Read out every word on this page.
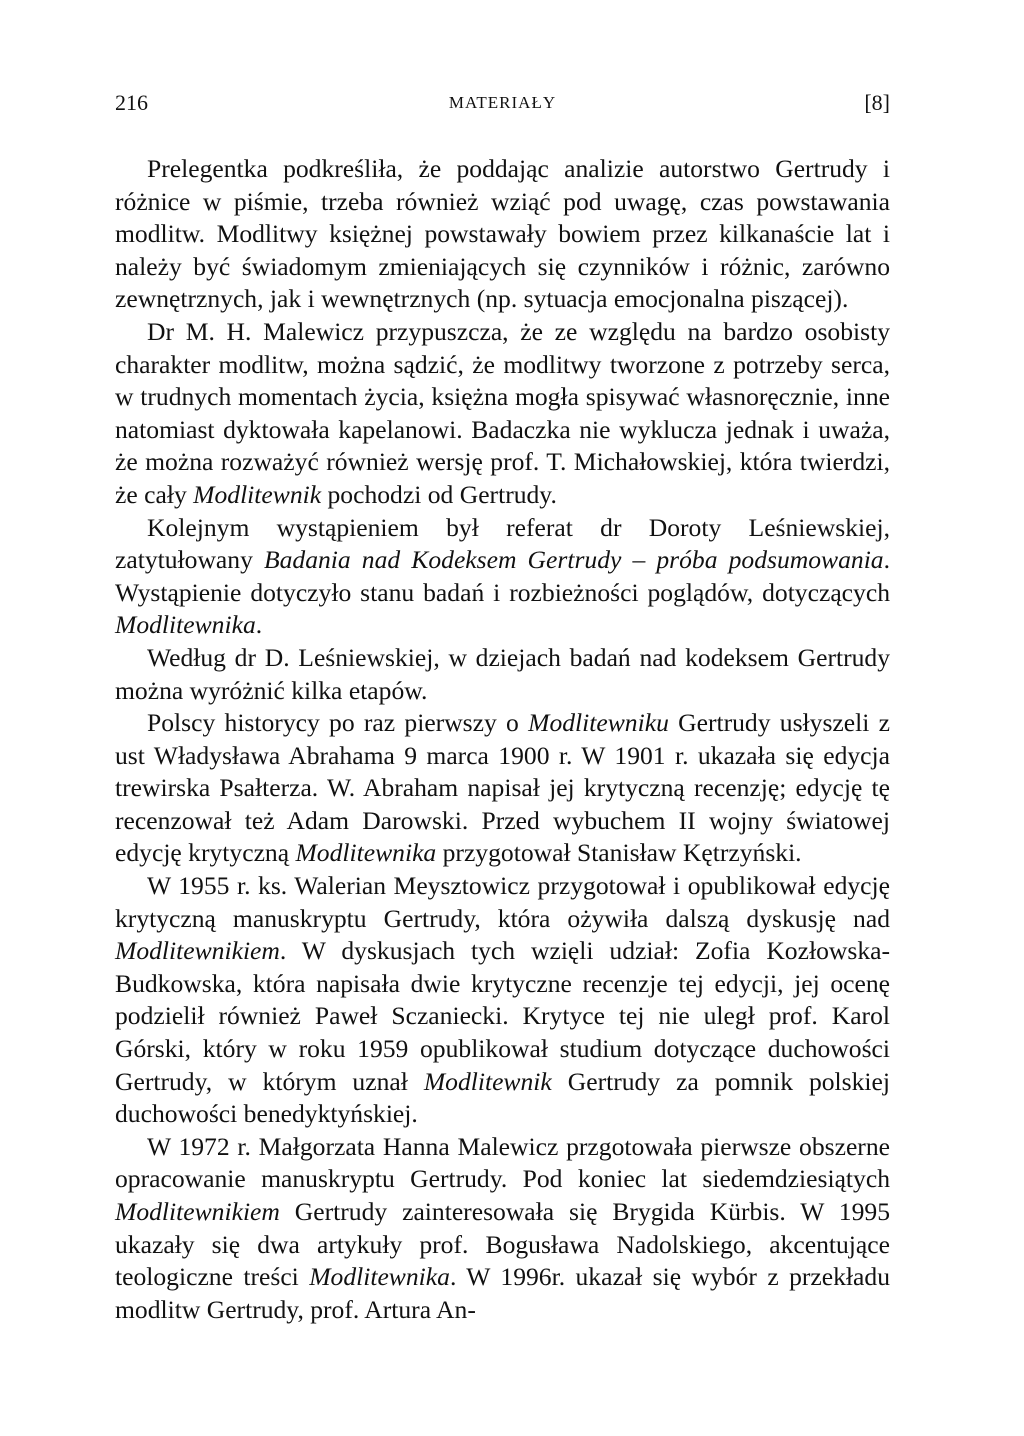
216	MATERIAŁY	[8]

Prelegentka podkreśliła, że poddając analizie autorstwo Gertrudy i różnice w piśmie, trzeba również wziąć pod uwagę, czas powstawania modlitw. Modlitwy księżnej powstawały bowiem przez kilkanaście lat i należy być świadomym zmieniających się czynników i różnic, zarówno zewnętrznych, jak i wewnętrznych (np. sytuacja emocjonalna piszącej).

Dr M. H. Malewicz przypuszcza, że ze względu na bardzo osobisty charakter modlitw, można sądzić, że modlitwy tworzone z potrzeby serca, w trudnych momentach życia, księżna mogła spisywać własnoręcznie, inne natomiast dyktowała kapelanowi. Badaczka nie wyklucza jednak i uważa, że można rozważyć również wersję prof. T. Michałowskiej, która twierdzi, że cały Modlitewnik pochodzi od Gertrudy.

Kolejnym wystąpieniem był referat dr Doroty Leśniewskiej, zatytułowany Badania nad Kodeksem Gertrudy – próba podsumowania. Wystąpienie dotyczyło stanu badań i rozbieżności poglądów, dotyczących Modlitewnika.

Według dr D. Leśniewskiej, w dziejach badań nad kodeksem Gertrudy można wyróżnić kilka etapów.

Polscy historycy po raz pierwszy o Modlitewniku Gertrudy usłyszeli z ust Władysława Abrahama 9 marca 1900 r. W 1901 r. ukazała się edycja trewirska Psałterza. W. Abraham napisał jej krytyczną recenzję; edycję tę recenzował też Adam Darowski. Przed wybuchem II wojny światowej edycję krytyczną Modlitewnika przygotował Stanisław Kętrzyński.

W 1955 r. ks. Walerian Meysztowicz przygotował i opublikował edycję krytyczną manuskryptu Gertrudy, która ożywiła dalszą dyskusję nad Modlitewnikiem. W dyskusjach tych wzięli udział: Zofia Kozłowska-Budkowska, która napisała dwie krytyczne recenzje tej edycji, jej ocenę podzielił również Paweł Sczaniecki. Krytyce tej nie uległ prof. Karol Górski, który w roku 1959 opublikował studium dotyczące duchowości Gertrudy, w którym uznał Modlitewnik Gertrudy za pomnik polskiej duchowości benedyktyńskiej.

W 1972 r. Małgorzata Hanna Malewicz przgotowała pierwsze obszerne opracowanie manuskryptu Gertrudy. Pod koniec lat siedemdziesiątych Modlitewnikiem Gertrudy zainteresowała się Brygida Kürbis. W 1995 ukazały się dwa artykuły prof. Bogusława Nadolskiego, akcentujące teologiczne treści Modlitewnika. W 1996r. ukazał się wybór z przekładu modlitw Gertrudy, prof. Artura An-
